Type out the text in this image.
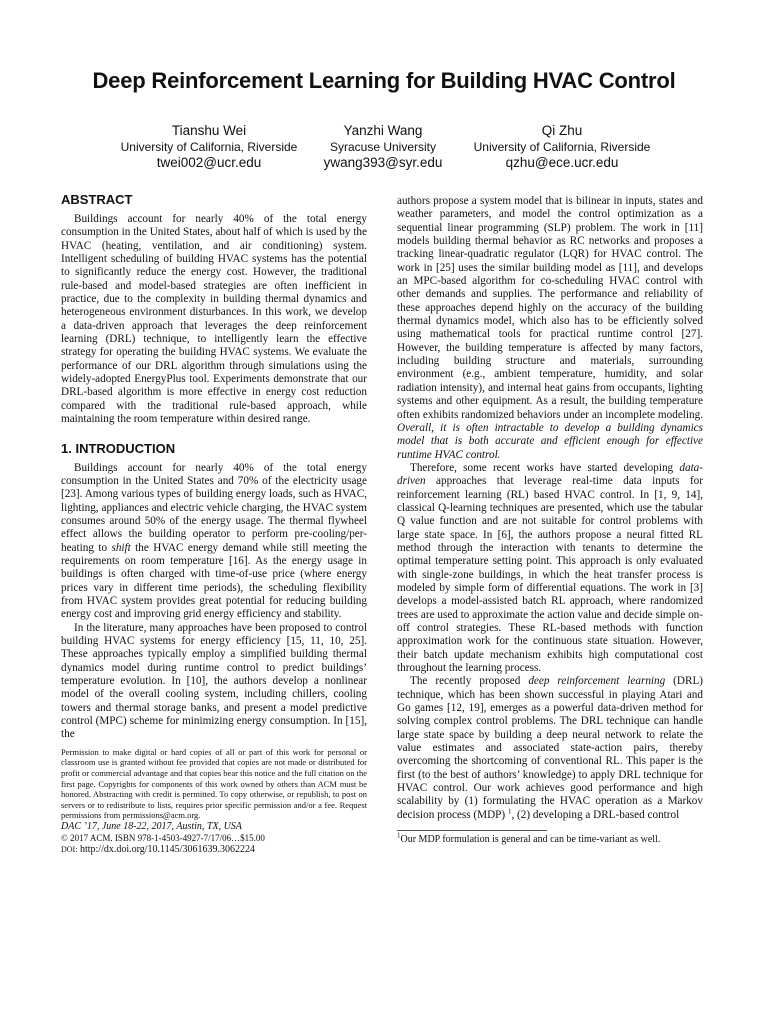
Deep Reinforcement Learning for Building HVAC Control
Tianshu Wei
University of California, Riverside
twei002@ucr.edu
Yanzhi Wang
Syracuse University
ywang393@syr.edu
Qi Zhu
University of California, Riverside
qzhu@ece.ucr.edu
ABSTRACT

Buildings account for nearly 40% of the total energy consumption in the United States, about half of which is used by the HVAC (heating, ventilation, and air conditioning) system. Intelligent scheduling of building HVAC systems has the potential to significantly reduce the energy cost. However, the traditional rule-based and model-based strategies are often inefficient in practice, due to the complexity in building thermal dynamics and heterogeneous environment disturbances. In this work, we develop a data-driven approach that leverages the deep reinforcement learning (DRL) technique, to intelligently learn the effective strategy for operating the building HVAC systems. We evaluate the performance of our DRL algorithm through simulations using the widely-adopted EnergyPlus tool. Experiments demonstrate that our DRL-based algorithm is more effective in energy cost reduction compared with the traditional rule-based approach, while maintaining the room temperature within desired range.

1. INTRODUCTION

Buildings account for nearly 40% of the total energy consumption in the United States and 70% of the electricity usage [23]. Among various types of building energy loads, such as HVAC, lighting, appliances and electric vehicle charging, the HVAC system consumes around 50% of the energy usage. The thermal flywheel effect allows the building operator to perform pre-cooling/per-heating to shift the HVAC energy demand while still meeting the requirements on room temperature [16]. As the energy usage in buildings is often charged with time-of-use price (where energy prices vary in different time periods), the scheduling flexibility from HVAC system provides great potential for reducing building energy cost and improving grid energy efficiency and stability.

In the literature, many approaches have been proposed to control building HVAC systems for energy efficiency [15, 11, 10, 25]. These approaches typically employ a simplified building thermal dynamics model during runtime control to predict buildings’ temperature evolution. In [10], the authors develop a nonlinear model of the overall cooling system, including chillers, cooling towers and thermal storage banks, and present a model predictive control (MPC) scheme for minimizing energy consumption. In [15], the

Permission to make digital or hard copies of all or part of this work for personal or classroom use is granted without fee provided that copies are not made or distributed for profit or commercial advantage and that copies bear this notice and the full citation on the first page. Copyrights for components of this work owned by others than ACM must be honored. Abstracting with credit is permitted. To copy otherwise, or republish, to post on servers or to redistribute to lists, requires prior specific permission and/or a fee. Request permissions from permissions@acm.org.
DAC ’17, June 18-22, 2017, Austin, TX, USA
© 2017 ACM. ISBN 978-1-4503-4927-7/17/06…$15.00
DOI: http://dx.doi.org/10.1145/3061639.3062224

authors propose a system model that is bilinear in inputs, states and weather parameters, and model the control optimization as a sequential linear programming (SLP) problem. The work in [11] models building thermal behavior as RC networks and proposes a tracking linear-quadratic regulator (LQR) for HVAC control. The work in [25] uses the similar building model as [11], and develops an MPC-based algorithm for co-scheduling HVAC control with other demands and supplies. The performance and reliability of these approaches depend highly on the accuracy of the building thermal dynamics model, which also has to be efficiently solved using mathematical tools for practical runtime control [27]. However, the building temperature is affected by many factors, including building structure and materials, surrounding environment (e.g., ambient temperature, humidity, and solar radiation intensity), and internal heat gains from occupants, lighting systems and other equipment. As a result, the building temperature often exhibits randomized behaviors under an incomplete modeling. Overall, it is often intractable to develop a building dynamics model that is both accurate and efficient enough for effective runtime HVAC control.

Therefore, some recent works have started developing data-driven approaches that leverage real-time data inputs for reinforcement learning (RL) based HVAC control. In [1, 9, 14], classical Q-learning techniques are presented, which use the tabular Q value function and are not suitable for control problems with large state space. In [6], the authors propose a neural fitted RL method through the interaction with tenants to determine the optimal temperature setting point. This approach is only evaluated with single-zone buildings, in which the heat transfer process is modeled by simple form of differential equations. The work in [3] develops a model-assisted batch RL approach, where randomized trees are used to approximate the action value and decide simple on-off control strategies. These RL-based methods with function approximation work for the continuous state situation. However, their batch update mechanism exhibits high computational cost throughout the learning process.

The recently proposed deep reinforcement learning (DRL) technique, which has been shown successful in playing Atari and Go games [12, 19], emerges as a powerful data-driven method for solving complex control problems. The DRL technique can handle large state space by building a deep neural network to relate the value estimates and associated state-action pairs, thereby overcoming the shortcoming of conventional RL. This paper is the first (to the best of authors’ knowledge) to apply DRL technique for HVAC control. Our work achieves good performance and high scalability by (1) formulating the HVAC operation as a Markov decision process (MDP) $^1$, (2) developing a DRL-based control

$^1$Our MDP formulation is general and can be time-variant as well.
